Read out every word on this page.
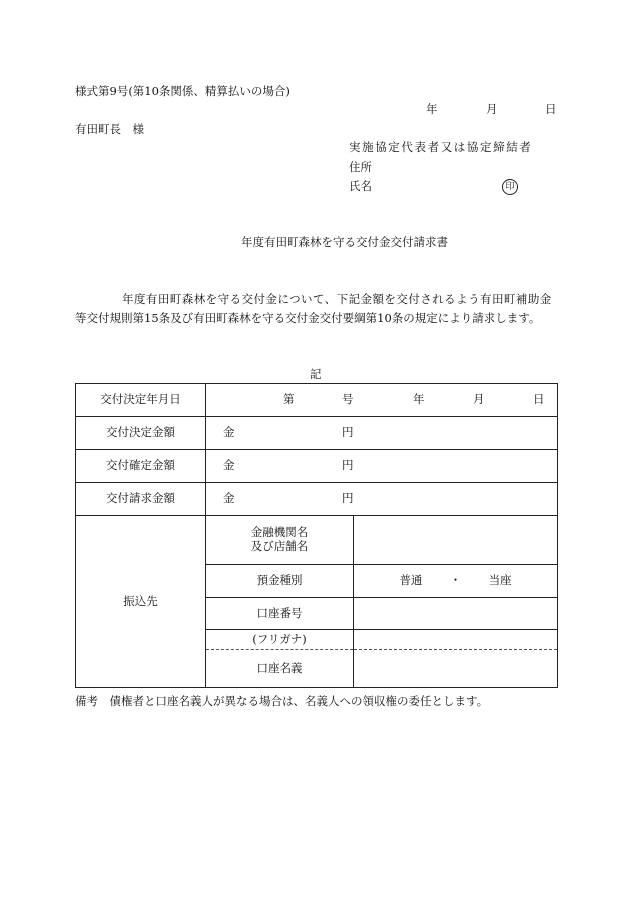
様式第9号(第10条関係、精算払いの場合)
年	月	日
有田町長　様
実施協定代表者又は協定締結者
住所
氏名	印
年度有田町森林を守る交付金交付請求書
年度有田町森林を守る交付金について、下記金額を交付されるよう有田町補助金
等交付規則第15条及び有田町森林を守る交付金交付要綱第10条の規定により請求します。
記
交付決定年月日	第 号 年 月 日	

交付決定金額	金 円	

交付確定金額	金 円	

交付請求金額	金 円	

振込先	金融機関名
及び店舗名	

	預金種別	普通 ・ 当座
	口座番号	
	(フリガナ)	
	口座名義	
備考　債権者と口座名義人が異なる場合は、名義人への領収権の委任とします。
